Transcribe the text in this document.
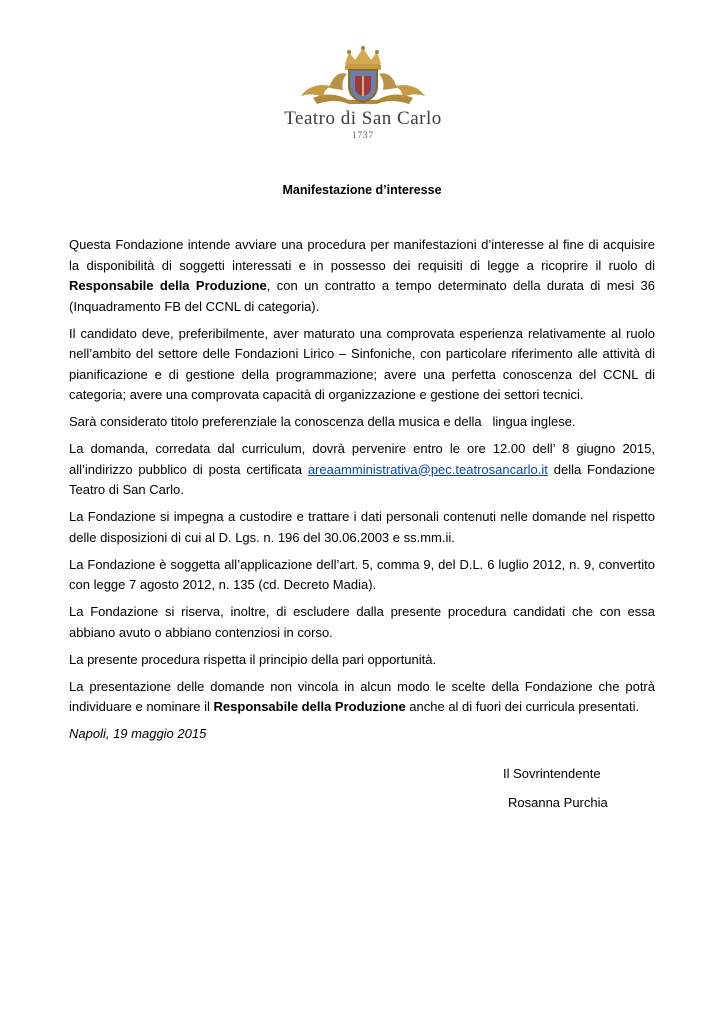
Teatro di San Carlo
1737
Manifestazione d’interesse

Questa Fondazione intende avviare una procedura per manifestazioni d’interesse al fine di acquisire la disponibilità di soggetti interessati e in possesso dei requisiti di legge a ricoprire il ruolo di Responsabile della Produzione, con un contratto a tempo determinato della durata di mesi 36 (Inquadramento FB del CCNL di categoria).

Il candidato deve, preferibilmente, aver maturato una comprovata esperienza relativamente al ruolo nell’ambito del settore delle Fondazioni Lirico – Sinfoniche, con particolare riferimento alle attività di pianificazione e di gestione della programmazione; avere una perfetta conoscenza del CCNL di categoria; avere una comprovata capacità di organizzazione e gestione dei settori tecnici.

Sarà considerato titolo preferenziale la conoscenza della musica e della   lingua inglese.

La domanda, corredata dal curriculum, dovrà pervenire entro le ore 12.00 dell’ 8 giugno 2015, all’indirizzo pubblico di posta certificata areaamministrativa@pec.teatrosancarlo.it della Fondazione Teatro di San Carlo.

La Fondazione si impegna a custodire e trattare i dati personali contenuti nelle domande nel rispetto delle disposizioni di cui al D. Lgs. n. 196 del 30.06.2003 e ss.mm.ii.

La Fondazione è soggetta all’applicazione dell’art. 5, comma 9, del D.L. 6 luglio 2012, n. 9, convertito con legge 7 agosto 2012, n. 135 (cd. Decreto Madia).

La Fondazione si riserva, inoltre, di escludere dalla presente procedura candidati che con essa abbiano avuto o abbiano contenziosi in corso.

La presente procedura rispetta il principio della pari opportunità.

La presentazione delle domande non vincola in alcun modo le scelte della Fondazione che potrà individuare e nominare il Responsabile della Produzione anche al di fuori dei curricula presentati.

Napoli, 19 maggio 2015

Il Sovrintendente
Rosanna Purchia
